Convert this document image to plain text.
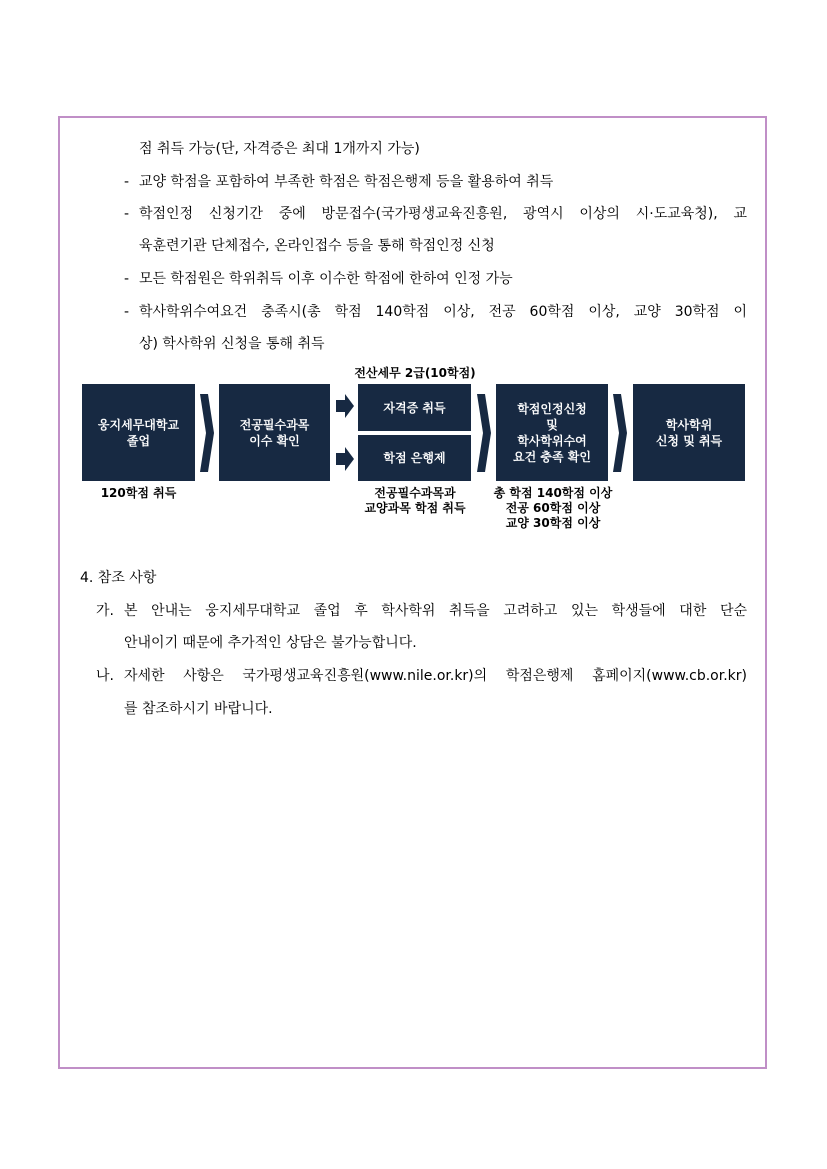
점 취득 가능(단, 자격증은 최대 1개까지 가능)
- 교양 학점을 포함하여 부족한 학점은 학점은행제 등을 활용하여 취득
- 학점인정 신청기간 중에 방문접수(국가평생교육진흥원, 광역시 이상의 시·도교육청), 교
육훈련기관 단체접수, 온라인접수 등을 통해 학점인정 신청
- 모든 학점원은 학위취득 이후 이수한 학점에 한하여 인정 가능
- 학사학위수여요건 충족시(총 학점 140학점 이상, 전공 60학점 이상, 교양 30학점 이
상) 학사학위 신청을 통해 취득
전산세무 2급(10학점)
웅지세무대학교
졸업
전공필수과목
이수 확인
자격증 취득
학점 은행제
학점인정신청
및
학사학위수여
요건 충족 확인
학사학위
신청 및 취득
120학점 취득	전공필수과목과
교양과목 학점 취득
총 학점 140학점 이상
전공 60학점 이상
교양 30학점 이상
4. 참조 사항
가. 본 안내는 웅지세무대학교 졸업 후 학사학위 취득을 고려하고 있는 학생들에 대한 단순
안내이기 때문에 추가적인 상담은 불가능합니다.
나. 자세한 사항은 국가평생교육진흥원(www.nile.or.kr)의 학점은행제 홈페이지(www.cb.or.kr)
를 참조하시기 바랍니다.
